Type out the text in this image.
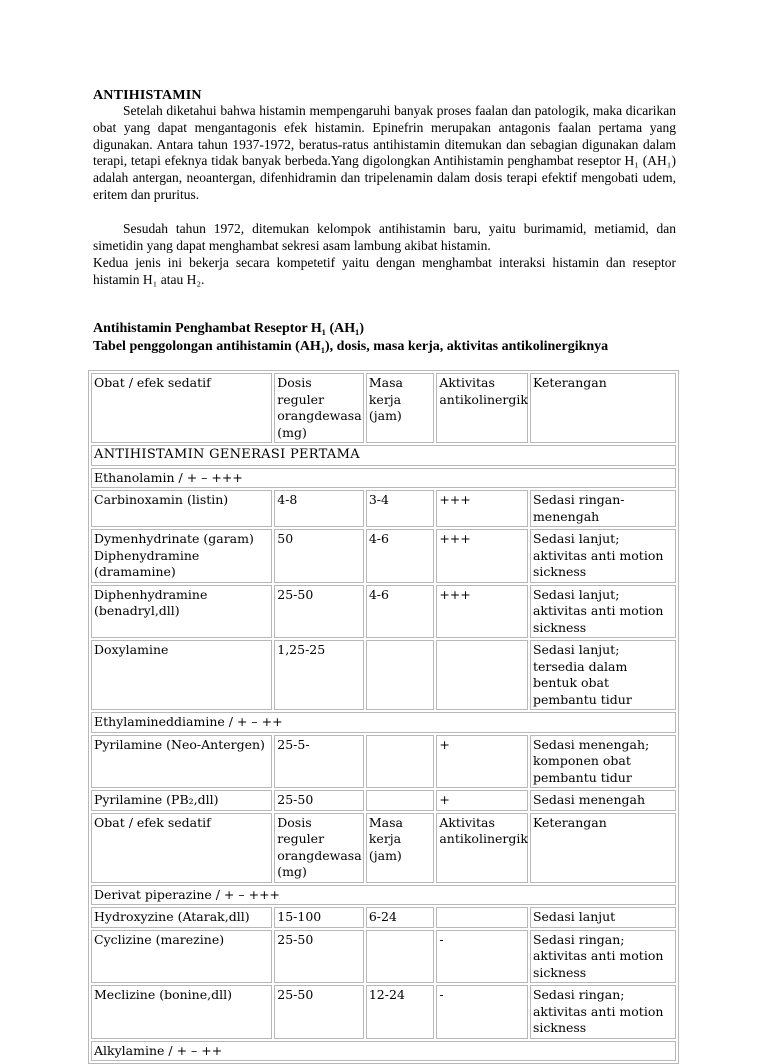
ANTIHISTAMIN
Setelah diketahui bahwa histamin mempengaruhi banyak proses faalan dan patologik, maka dicarikan obat yang dapat mengantagonis efek histamin. Epinefrin merupakan antagonis faalan pertama yang digunakan. Antara tahun 1937-1972, beratus-ratus antihistamin ditemukan dan sebagian digunakan dalam terapi, tetapi efeknya tidak banyak berbeda.Yang digolongkan Antihistamin penghambat reseptor H₁ (AH₁) adalah antergan, neoantergan, difenhidramin dan tripelenamin dalam dosis terapi efektif mengobati udem, eritem dan pruritus.
Sesudah tahun 1972, ditemukan kelompok antihistamin baru, yaitu burimamid, metiamid, dan simetidin yang dapat menghambat sekresi asam lambung akibat histamin.
Kedua jenis ini bekerja secara kompetetif yaitu dengan menghambat interaksi histamin dan reseptor histamin H₁ atau H₂.
Antihistamin Penghambat Reseptor H₁ (AH₁)
Tabel penggolongan antihistamin (AH₁), dosis, masa kerja, aktivitas antikolinergiknya
Obat / efek sedatif	Dosis reguler orangdewasa (mg)	Masa kerja (jam)	Aktivitas antikolinergik	Keterangan
ANTIHISTAMIN GENERASI PERTAMA				
Ethanolamin / + – +++				
Carbinoxamin (listin)	4-8	3-4	+++	Sedasi ringan-menengah
Dymenhydrinate (garam) Diphenydramine (dramamine)	50	4-6	+++	Sedasi lanjut; aktivitas anti motion sickness
Diphenhydramine (benadryl,dll)	25-50	4-6	+++	Sedasi lanjut; aktivitas anti motion sickness
Doxylamine	1,25-25			Sedasi lanjut; tersedia dalam bentuk obat pembantu tidur
Ethylamineddiamine / + – ++				
Pyrilamine (Neo-Antergen)	25-5-		+	Sedasi menengah; komponen obat pembantu tidur
Pyrilamine (PB₂,dll)	25-50		+	Sedasi menengah
Obat / efek sedatif	Dosis reguler orangdewasa (mg)	Masa kerja (jam)	Aktivitas antikolinergik	Keterangan
Derivat piperazine / + – +++				
Hydroxyzine (Atarak,dll)	15-100	6-24		Sedasi lanjut
Cyclizine (marezine)	25-50		-	Sedasi ringan; aktivitas anti motion sickness
Meclizine (bonine,dll)	25-50	12-24	-	Sedasi ringan; aktivitas anti motion sickness
Alkylamine / + – ++				
